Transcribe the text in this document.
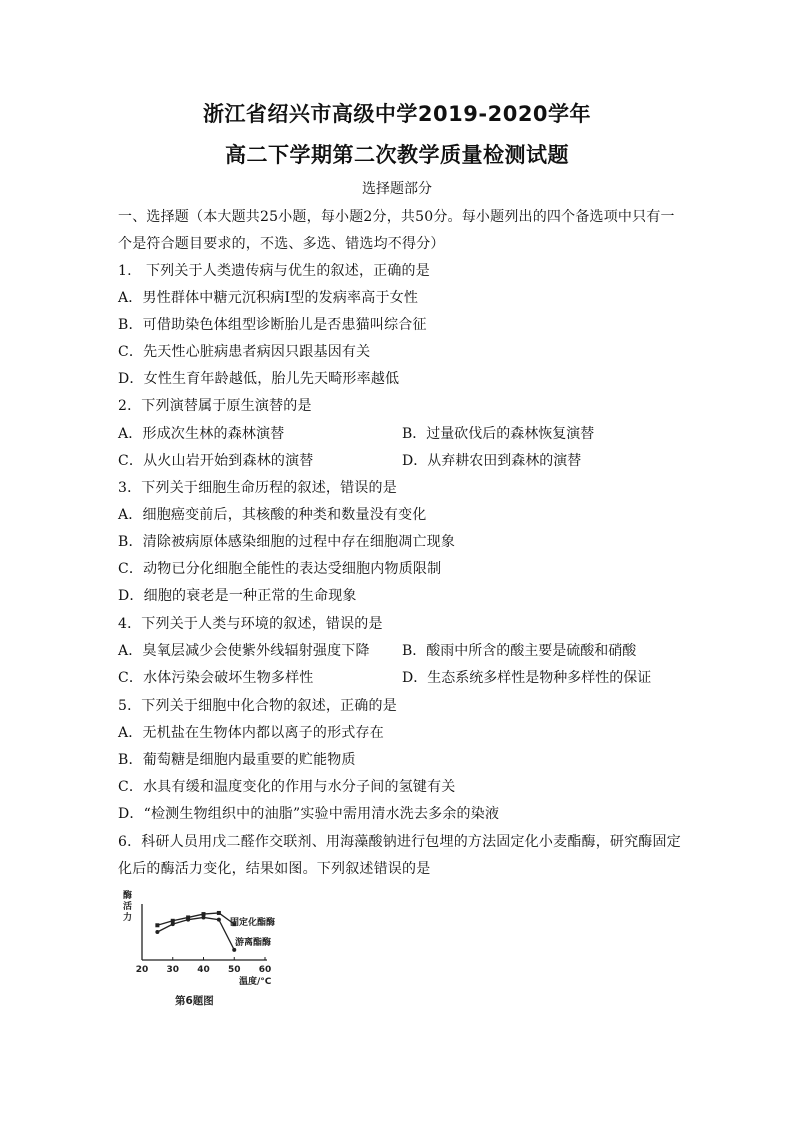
浙江省绍兴市高级中学2019-2020学年
高二下学期第二次教学质量检测试题
选择题部分
一、选择题（本大题共25小题，每小题2分，共50分。每小题列出的四个备选项中只有一
个是符合题目要求的，不选、多选、错选均不得分）
1.　下列关于人类遗传病与优生的叙述，正确的是
A．男性群体中糖元沉积病Ⅰ型的发病率高于女性
B．可借助染色体组型诊断胎儿是否患猫叫综合征
C．先天性心脏病患者病因只跟基因有关
D．女性生育年龄越低，胎儿先天畸形率越低
2．下列演替属于原生演替的是
A．形成次生林的森林演替	B．过量砍伐后的森林恢复演替
C．从火山岩开始到森林的演替	D．从弃耕农田到森林的演替
3．下列关于细胞生命历程的叙述，错误的是
A．细胞癌变前后，其核酸的种类和数量没有变化
B．清除被病原体感染细胞的过程中存在细胞凋亡现象
C．动物已分化细胞全能性的表达受细胞内物质限制
D．细胞的衰老是一种正常的生命现象
4．下列关于人类与环境的叙述，错误的是
A．臭氧层减少会使紫外线辐射强度下降 B．酸雨中所含的酸主要是硫酸和硝酸
C．水体污染会破坏生物多样性	D．生态系统多样性是物种多样性的保证
5．下列关于细胞中化合物的叙述，正确的是
A．无机盐在生物体内都以离子的形式存在
B．葡萄糖是细胞内最重要的贮能物质
C．水具有缓和温度变化的作用与水分子间的氢键有关
D．“检测生物组织中的油脂”实验中需用清水洗去多余的染液
6．科研人员用戊二醛作交联剂、用海藻酸钠进行包埋的方法固定化小麦酯酶，研究酶固定
化后的酶活力变化，结果如图。下列叙述错误的是
酶活力
20 30 40 50 60
固定化酯酶
游离酯酶
温度/°C
第6题图
